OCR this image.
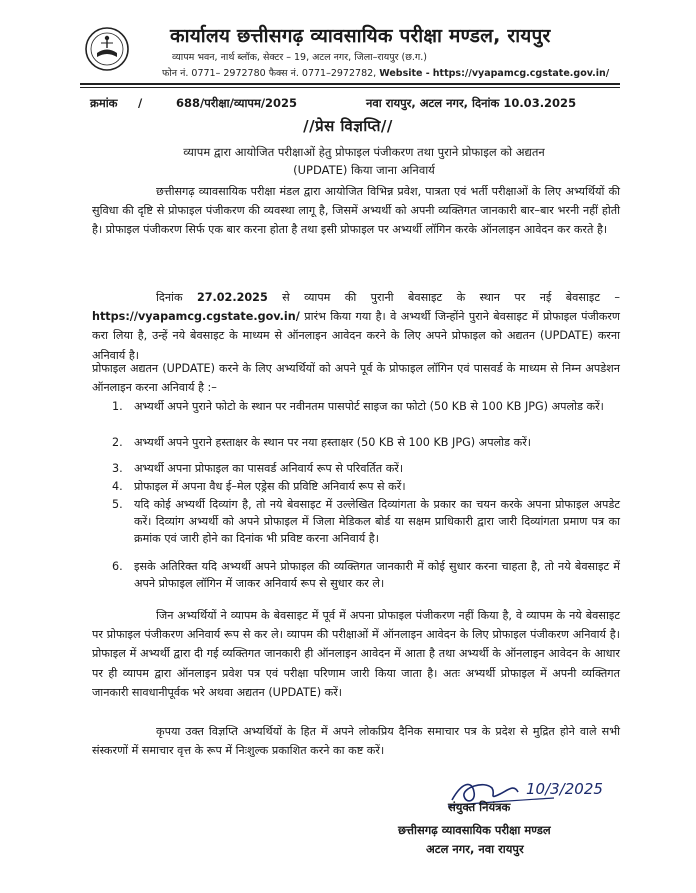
कार्यालय छत्तीसगढ़ व्यावसायिक परीक्षा मण्डल, रायपुर
व्यापम भवन, नार्थ ब्लॉक, सेक्टर – 19, अटल नगर, जिला–रायपुर (छ.ग.)
फोन नं. 0771– 2972780 फैक्स नं. 0771–2972782, Website - https://vyapamcg.cgstate.gov.in/
क्रमांक /	688 /परीक्षा/व्यापम/2025	नवा रायपुर, अटल नगर, दिनांक 10.03.2025
//प्रेस विज्ञप्ति//
व्यापम द्वारा आयोजित परीक्षाओं हेतु प्रोफाइल पंजीकरण तथा पुराने प्रोफाइल को अद्यतन
(UPDATE) किया जाना अनिवार्य
छत्तीसगढ़ व्यावसायिक परीक्षा मंडल द्वारा आयोजित विभिन्न प्रवेश, पात्रता एवं भर्ती परीक्षाओं के लिए अभ्यर्थियों की सुविधा की दृष्टि से प्रोफाइल पंजीकरण की व्यवस्था लागू है, जिसमें अभ्यर्थी को अपनी व्यक्तिगत जानकारी बार–बार भरनी नहीं होती है। प्रोफाइल पंजीकरण सिर्फ एक बार करना होता है तथा इसी प्रोफाइल पर अभ्यर्थी लॉगिन करके ऑनलाइन आवेदन कर करते है।
दिनांक 27.02.2025 से व्यापम की पुरानी बेवसाइट के स्थान पर नई बेवसाइट – https://vyapamcg.cgstate.gov.in/ प्रारंभ किया गया है। वे अभ्यर्थी जिन्होंने पुराने बेवसाइट में प्रोफाइल पंजीकरण करा लिया है, उन्हें नये बेवसाइट के माध्यम से ऑनलाइन आवेदन करने के लिए अपने प्रोफाइल को अद्यतन (UPDATE) करना अनिवार्य है।
प्रोफाइल अद्यतन (UPDATE) करने के लिए अभ्यर्थियों को अपने पूर्व के प्रोफाइल लॉगिन एवं पासवर्ड के माध्यम से निम्न अपडेशन ऑनलाइन करना अनिवार्य है :–
1. अभ्यर्थी अपने पुराने फोटो के स्थान पर नवीनतम पासपोर्ट साइज का फोटो (50 KB से 100 KB JPG) अपलोड करें।
2. अभ्यर्थी अपने पुराने हस्ताक्षर के स्थान पर नया हस्ताक्षर (50 KB से 100 KB JPG) अपलोड करें।
3. अभ्यर्थी अपना प्रोफाइल का पासवर्ड अनिवार्य रूप से परिवर्तित करें।
4. प्रोफाइल में अपना वैध ई–मेल एड्रेस की प्रविष्टि अनिवार्य रूप से करें।
5. यदि कोई अभ्यर्थी दिव्यांग है, तो नये बेवसाइट में उल्लेखित दिव्यांगता के प्रकार का चयन करके अपना प्रोफाइल अपडेट करें। दिव्यांग अभ्यर्थी को अपने प्रोफाइल में जिला मेडिकल बोर्ड या सक्षम प्राधिकारी द्वारा जारी दिव्यांगता प्रमाण पत्र का क्रमांक एवं जारी होने का दिनांक भी प्रविष्ट करना अनिवार्य है।
6. इसके अतिरिक्त यदि अभ्यर्थी अपने प्रोफाइल की व्यक्तिगत जानकारी में कोई सुधार करना चाहता है, तो नये बेवसाइट में अपने प्रोफाइल लॉगिन में जाकर अनिवार्य रूप से सुधार कर ले।
जिन अभ्यर्थियों ने व्यापम के बेवसाइट में पूर्व में अपना प्रोफाइल पंजीकरण नहीं किया है, वे व्यापम के नये बेवसाइट पर प्रोफाइल पंजीकरण अनिवार्य रूप से कर ले। व्यापम की परीक्षाओं में ऑनलाइन आवेदन के लिए प्रोफाइल पंजीकरण अनिवार्य है। प्रोफाइल में अभ्यर्थी द्वारा दी गई व्यक्तिगत जानकारी ही ऑनलाइन आवेदन में आता है तथा अभ्यर्थी के ऑनलाइन आवेदन के आधार पर ही व्यापम द्वारा ऑनलाइन प्रवेश पत्र एवं परीक्षा परिणाम जारी किया जाता है। अतः अभ्यर्थी प्रोफाइल में अपनी व्यक्तिगत जानकारी सावधानीपूर्वक भरे अथवा अद्यतन (UPDATE) करें।
कृपया उक्त विज्ञप्ति अभ्यर्थियों के हित में अपने लोकप्रिय दैनिक समाचार पत्र के प्रदेश से मुद्रित होने वाले सभी संस्करणों में समाचार वृत्त के रूप में निःशुल्क प्रकाशित करने का कष्ट करें।
10/3/2025
संयुक्त नियंत्रक
छत्तीसगढ़ व्यावसायिक परीक्षा मण्डल
अटल नगर, नवा रायपुर
